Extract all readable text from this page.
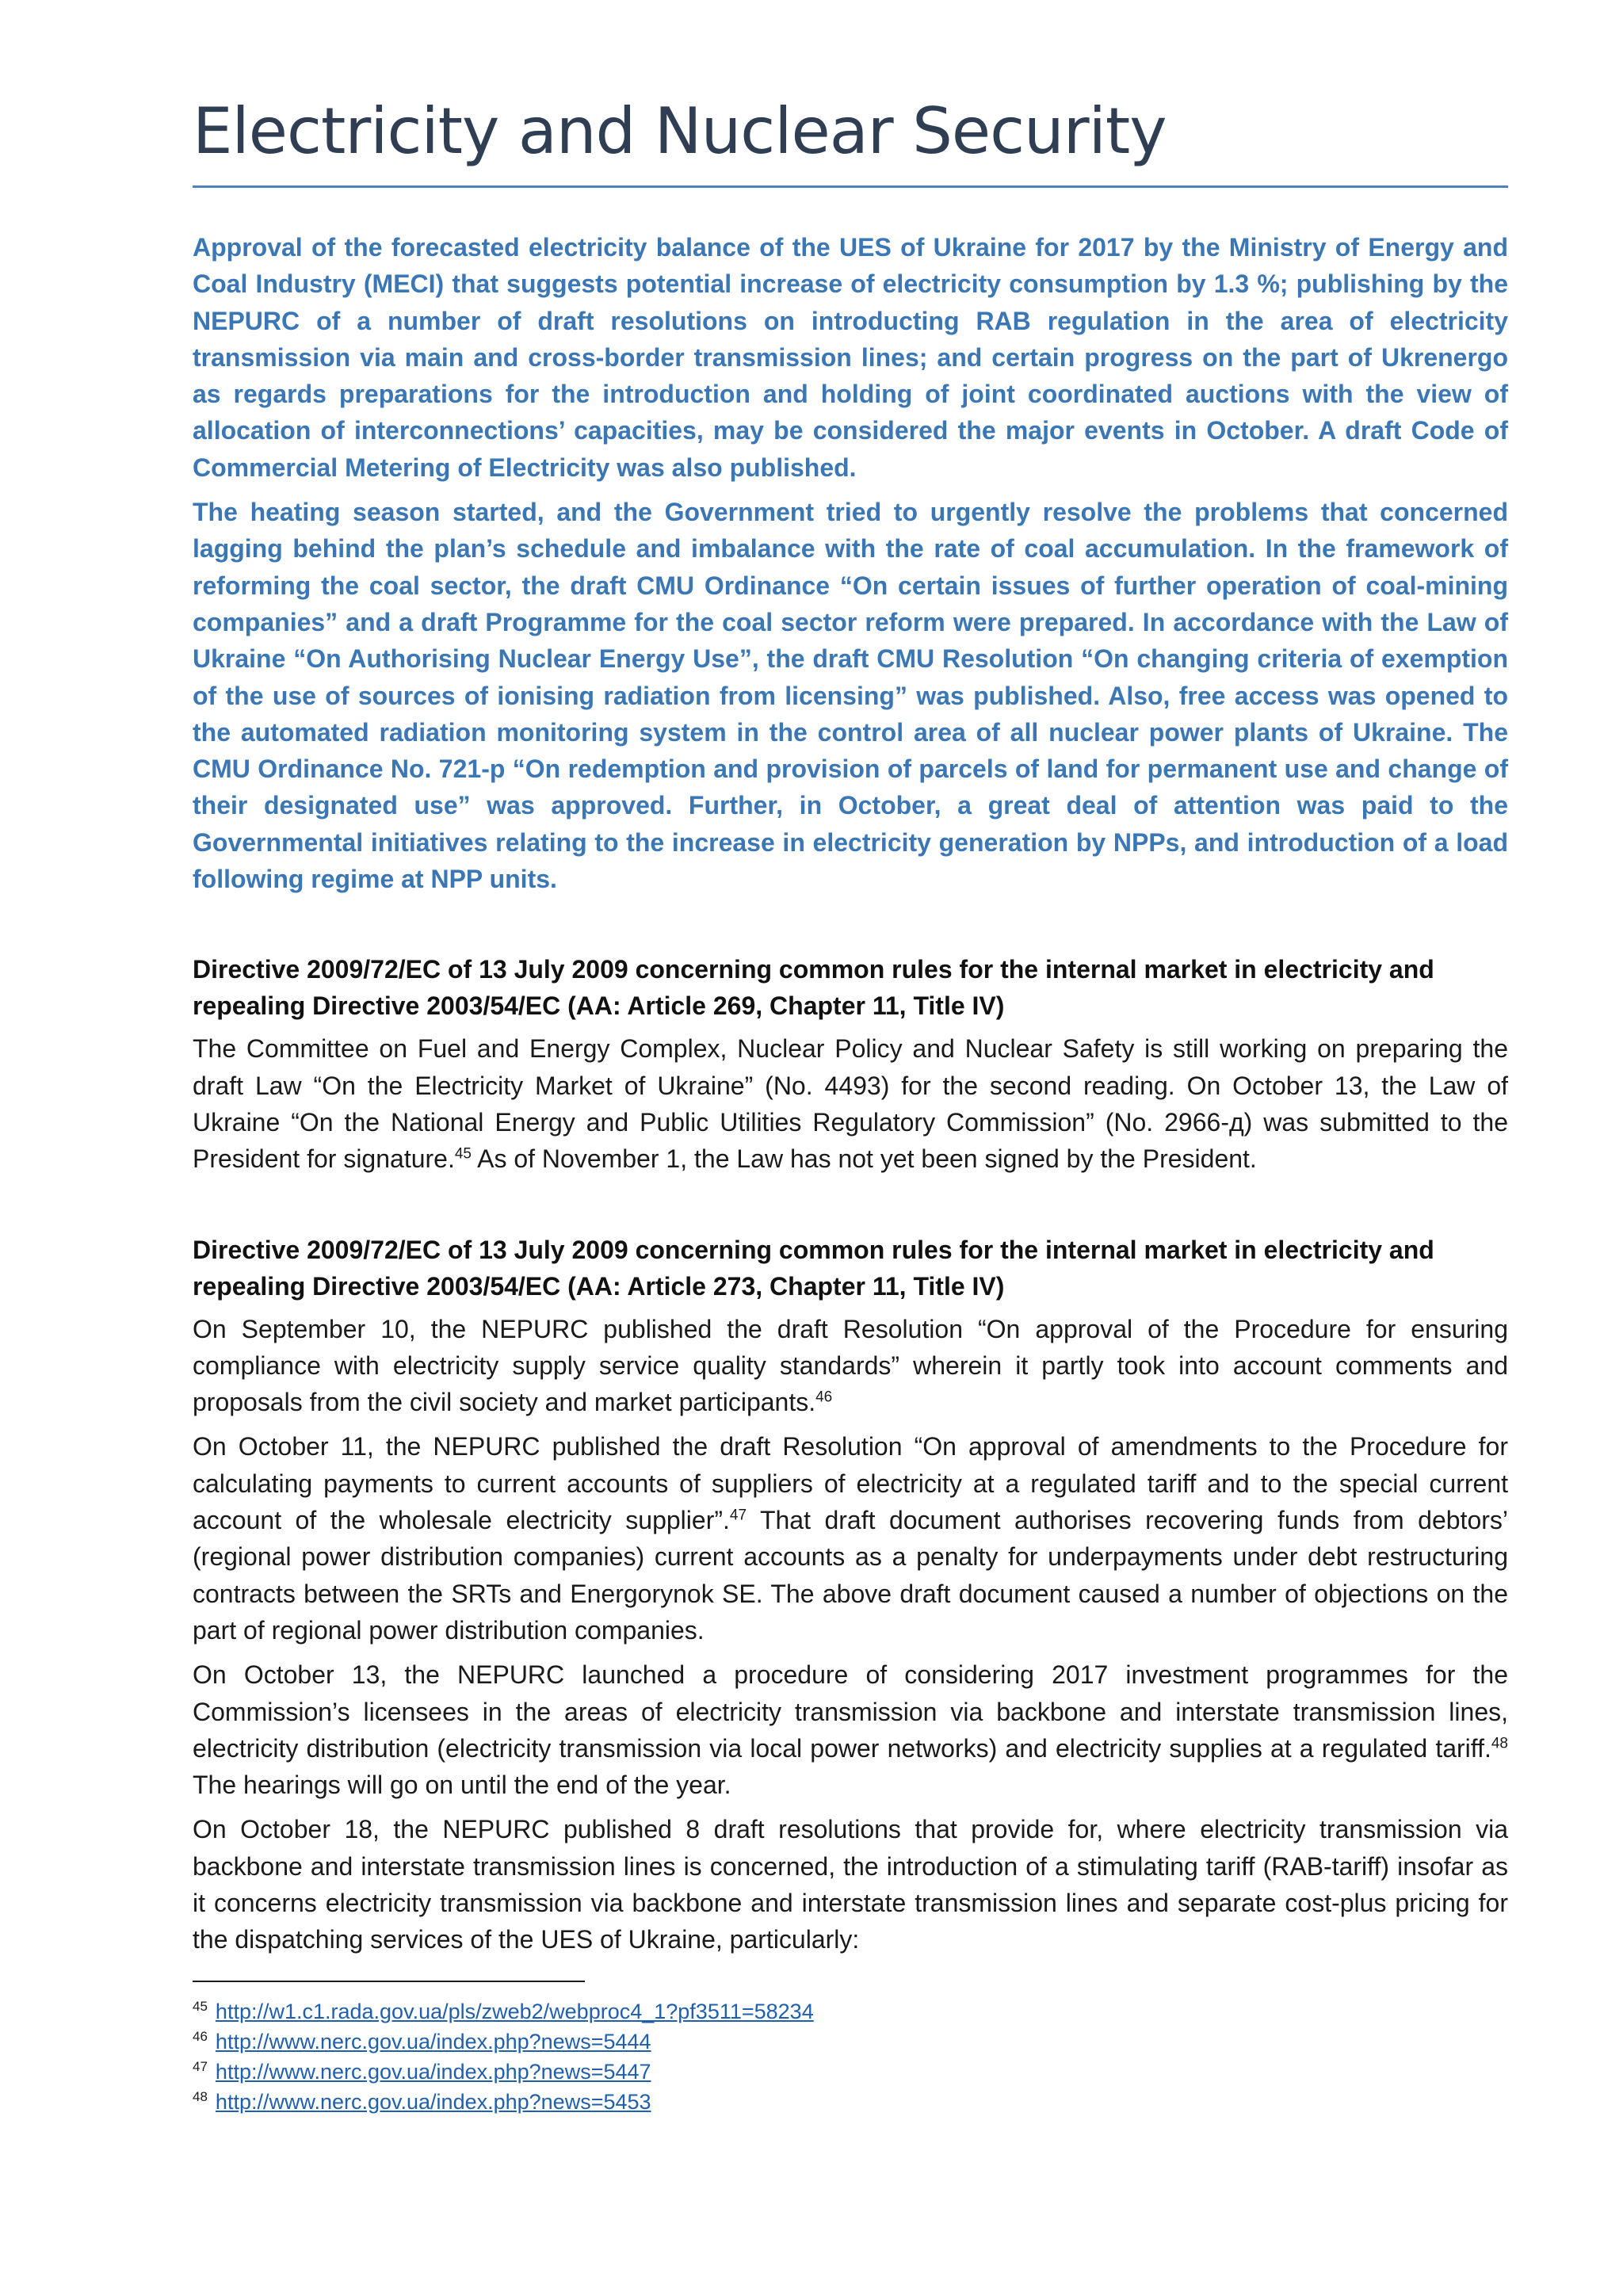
Electricity and Nuclear Security

Approval of the forecasted electricity balance of the UES of Ukraine for 2017 by the Ministry of Energy and Coal Industry (MECI) that suggests potential increase of electricity consumption by 1.3 %; publishing by the NEPURC of a number of draft resolutions on introducting RAB regulation in the area of electricity transmission via main and cross-border transmission lines; and certain progress on the part of Ukrenergo as regards preparations for the introduction and holding of joint coordinated auctions with the view of allocation of interconnections’ capacities, may be considered the major events in October. A draft Code of Commercial Metering of Electricity was also published.

The heating season started, and the Government tried to urgently resolve the problems that concerned lagging behind the plan’s schedule and imbalance with the rate of coal accumulation. In the framework of reforming the coal sector, the draft CMU Ordinance “On certain issues of further operation of coal-mining companies” and a draft Programme for the coal sector reform were prepared. In accordance with the Law of Ukraine “On Authorising Nuclear Energy Use”, the draft CMU Resolution “On changing criteria of exemption of the use of sources of ionising radiation from licensing” was published. Also, free access was opened to the automated radiation monitoring system in the control area of all nuclear power plants of Ukraine. The CMU Ordinance No. 721-p “On redemption and provision of parcels of land for permanent use and change of their designated use” was approved. Further, in October, a great deal of attention was paid to the Governmental initiatives relating to the increase in electricity generation by NPPs, and introduction of a load following regime at NPP units.

Directive 2009/72/EC of 13 July 2009 concerning common rules for the internal market in electricity and repealing Directive 2003/54/EC (AA: Article 269, Chapter 11, Title IV)

The Committee on Fuel and Energy Complex, Nuclear Policy and Nuclear Safety is still working on preparing the draft Law “On the Electricity Market of Ukraine” (No. 4493) for the second reading. On October 13, the Law of Ukraine “On the National Energy and Public Utilities Regulatory Commission” (No. 2966-д) was submitted to the President for signature.$^{45}$ As of November 1, the Law has not yet been signed by the President.

Directive 2009/72/EC of 13 July 2009 concerning common rules for the internal market in electricity and repealing Directive 2003/54/EC (AA: Article 273, Chapter 11, Title IV)

On September 10, the NEPURC published the draft Resolution “On approval of the Procedure for ensuring compliance with electricity supply service quality standards” wherein it partly took into account comments and proposals from the civil society and market participants.$^{46}$

On October 11, the NEPURC published the draft Resolution “On approval of amendments to the Procedure for calculating payments to current accounts of suppliers of electricity at a regulated tariff and to the special current account of the wholesale electricity supplier”.$^{47}$ That draft document authorises recovering funds from debtors’ (regional power distribution companies) current accounts as a penalty for underpayments under debt restructuring contracts between the SRTs and Energorynok SE. The above draft document caused a number of objections on the part of regional power distribution companies.

On October 13, the NEPURC launched a procedure of considering 2017 investment programmes for the Commission’s licensees in the areas of electricity transmission via backbone and interstate transmission lines, electricity distribution (electricity transmission via local power networks) and electricity supplies at a regulated tariff.$^{48}$ The hearings will go on until the end of the year.

On October 18, the NEPURC published 8 draft resolutions that provide for, where electricity transmission via backbone and interstate transmission lines is concerned, the introduction of a stimulating tariff (RAB-tariff) insofar as it concerns electricity transmission via backbone and interstate transmission lines and separate cost-plus pricing for the dispatching services of the UES of Ukraine, particularly:

$^{45}$ http://w1.c1.rada.gov.ua/pls/zweb2/webproc4_1?pf3511=58234

$^{46}$ http://www.nerc.gov.ua/index.php?news=5444

$^{47}$ http://www.nerc.gov.ua/index.php?news=5447

$^{48}$ http://www.nerc.gov.ua/index.php?news=5453
